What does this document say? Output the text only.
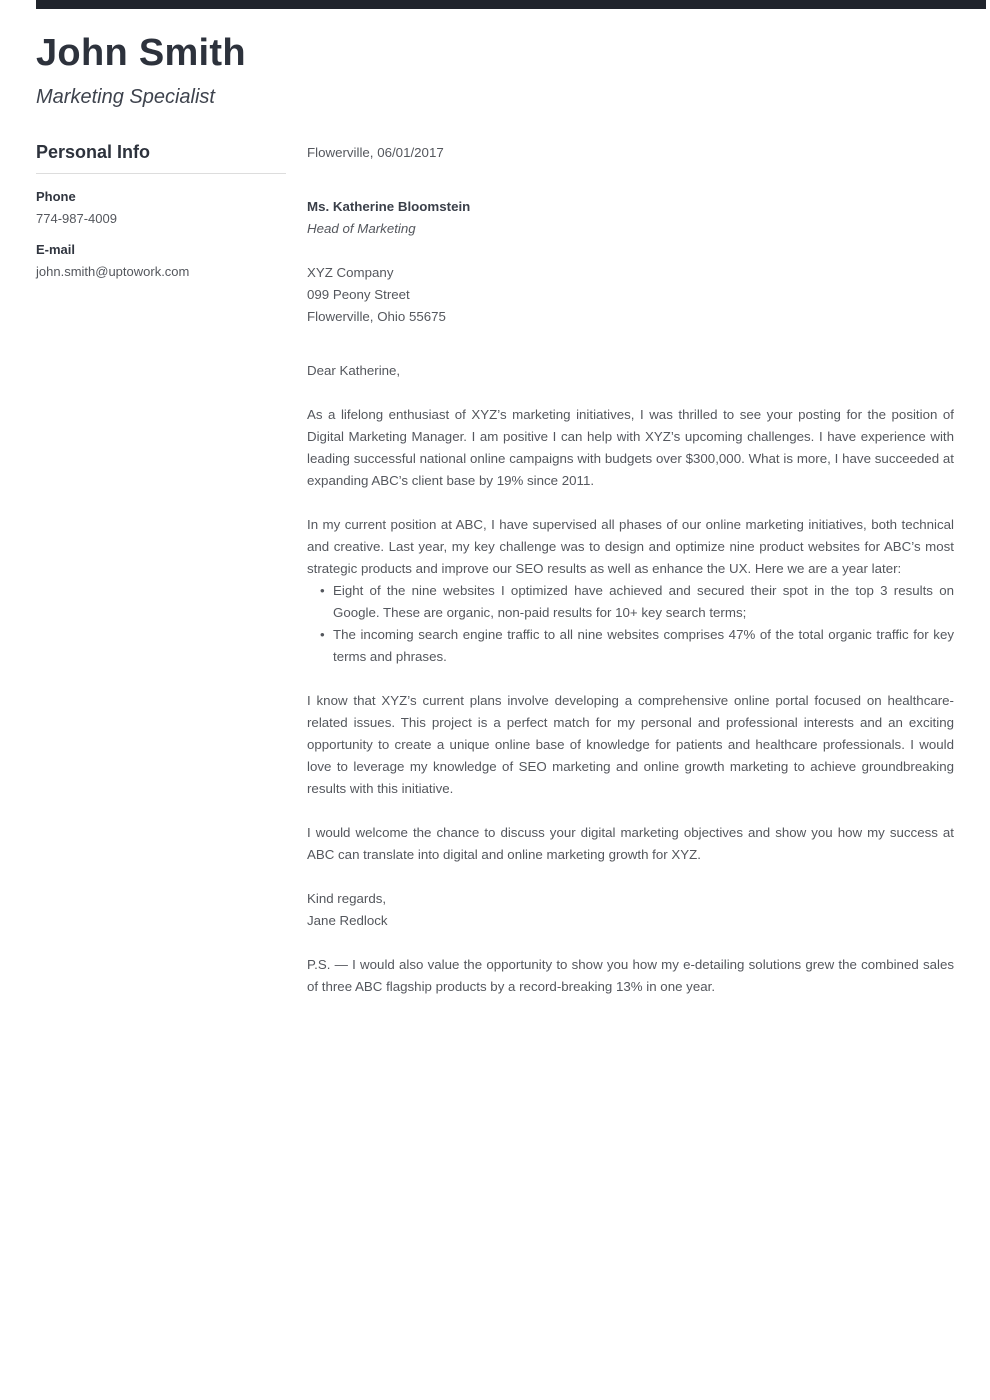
John Smith
Marketing Specialist
Personal Info
Phone
774-987-4009
E-mail
john.smith@uptowork.com
Flowerville, 06/01/2017
Ms. Katherine Bloomstein
Head of Marketing
XYZ Company
099 Peony Street
Flowerville, Ohio 55675
Dear Katherine,
As a lifelong enthusiast of XYZ’s marketing initiatives, I was thrilled to see your posting for the position of Digital Marketing Manager. I am positive I can help with XYZ’s upcoming challenges. I have experience with leading successful national online campaigns with budgets over $300,000. What is more, I have succeeded at expanding ABC’s client base by 19% since 2011.
In my current position at ABC, I have supervised all phases of our online marketing initiatives, both technical and creative. Last year, my key challenge was to design and optimize nine product websites for ABC’s most strategic products and improve our SEO results as well as enhance the UX. Here we are a year later:
• Eight of the nine websites I optimized have achieved and secured their spot in the top 3 results on Google. These are organic, non-paid results for 10+ key search terms;
• The incoming search engine traffic to all nine websites comprises 47% of the total organic traffic for key terms and phrases.
I know that XYZ’s current plans involve developing a comprehensive online portal focused on healthcare-related issues. This project is a perfect match for my personal and professional interests and an exciting opportunity to create a unique online base of knowledge for patients and healthcare professionals. I would love to leverage my knowledge of SEO marketing and online growth marketing to achieve groundbreaking results with this initiative.
I would welcome the chance to discuss your digital marketing objectives and show you how my success at ABC can translate into digital and online marketing growth for XYZ.
Kind regards,
Jane Redlock
P.S. — I would also value the opportunity to show you how my e-detailing solutions grew the combined sales of three ABC flagship products by a record-breaking 13% in one year.
